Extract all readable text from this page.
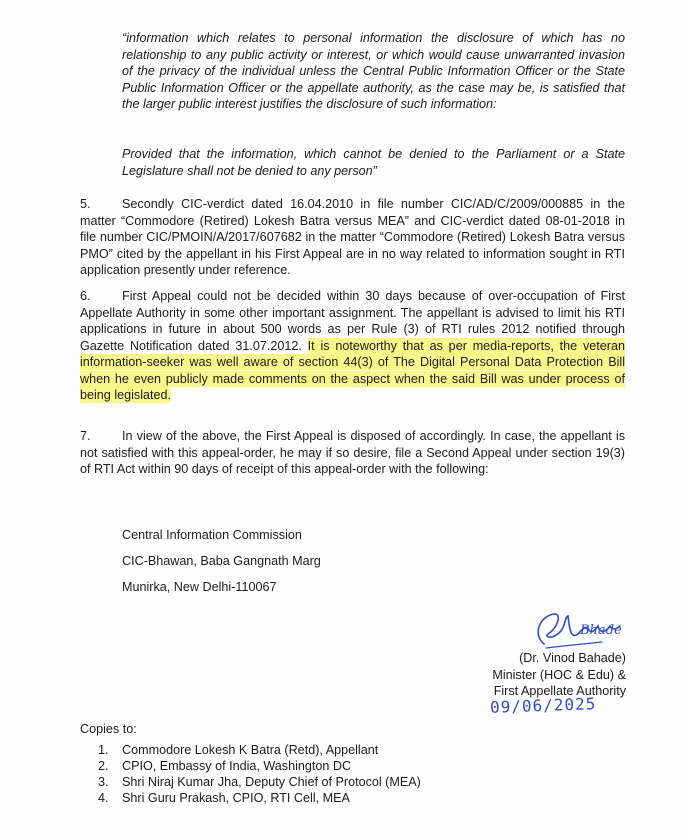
“information which relates to personal information the disclosure of which has no relationship to any public activity or interest, or which would cause unwarranted invasion of the privacy of the individual unless the Central Public Information Officer or the State Public Information Officer or the appellate authority, as the case may be, is satisfied that the larger public interest justifies the disclosure of such information:
Provided that the information, which cannot be denied to the Parliament or a State Legislature shall not be denied to any person”

5. Secondly CIC-verdict dated 16.04.2010 in file number CIC/AD/C/2009/000885 in the matter “Commodore (Retired) Lokesh Batra versus MEA” and CIC-verdict dated 08-01-2018 in file number CIC/PMOIN/A/2017/607682 in the matter “Commodore (Retired) Lokesh Batra versus PMO” cited by the appellant in his First Appeal are in no way related to information sought in RTI application presently under reference.

6. First Appeal could not be decided within 30 days because of over-occupation of First Appellate Authority in some other important assignment. The appellant is advised to limit his RTI applications in future in about 500 words as per Rule (3) of RTI rules 2012 notified through Gazette Notification dated 31.07.2012. It is noteworthy that as per media-reports, the veteran information-seeker was well aware of section 44(3) of The Digital Personal Data Protection Bill when he even publicly made comments on the aspect when the said Bill was under process of being legislated.

7. In view of the above, the First Appeal is disposed of accordingly. In case, the appellant is not satisfied with this appeal-order, he may if so desire, file a Second Appeal under section 19(3) of RTI Act within 90 days of receipt of this appeal-order with the following:

Central Information Commission
CIC-Bhawan, Baba Gangnath Marg
Munirka, New Delhi-110067
Bhade
(Dr. Vinod Bahade)
Minister (HOC & Edu) &
First Appellate Authority
09/06/2025
Copies to:
1. Commodore Lokesh K Batra (Retd), Appellant
2. CPIO, Embassy of India, Washington DC
3. Shri Niraj Kumar Jha, Deputy Chief of Protocol (MEA)
4. Shri Guru Prakash, CPIO, RTI Cell, MEA
